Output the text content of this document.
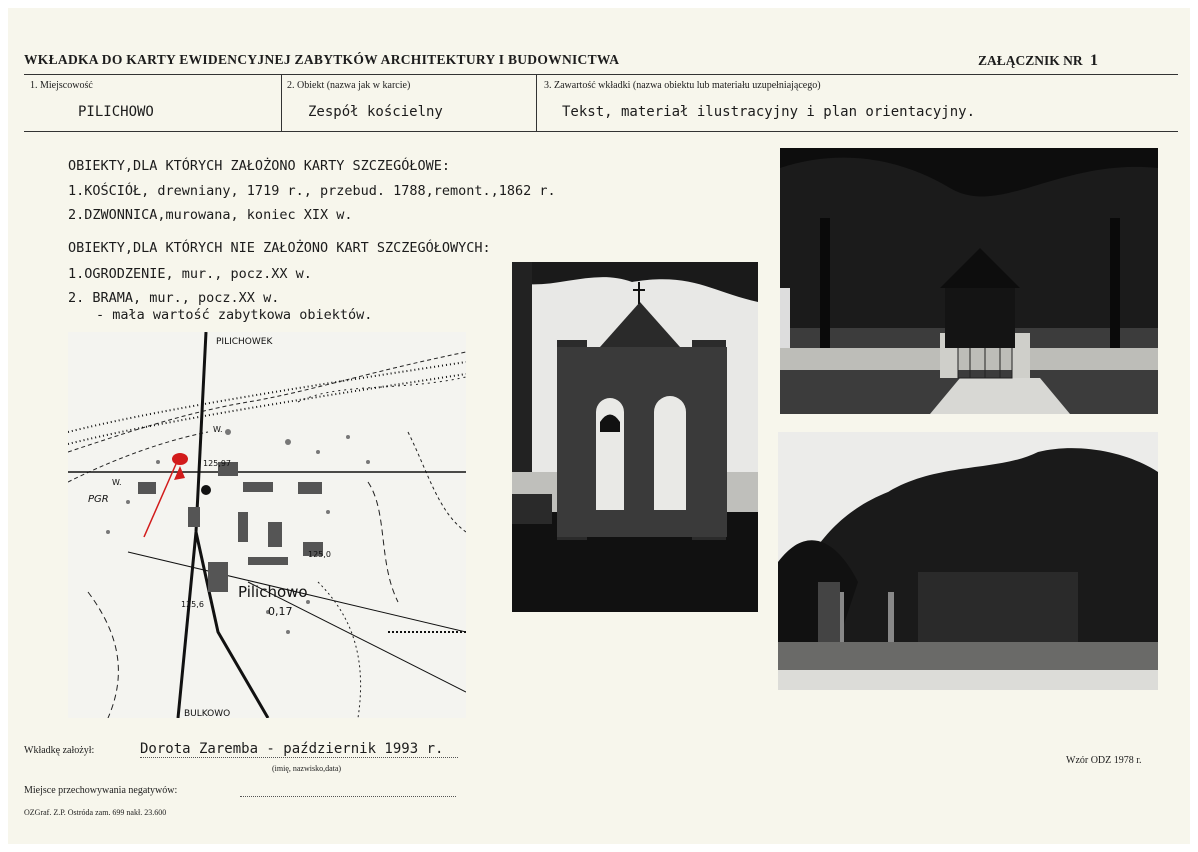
WKŁADKA DO KARTY EWIDENCYJNEJ ZABYTKÓW ARCHITEKTURY I BUDOWNICTWA	ZAŁĄCZNIK NR 1
1. Miejscowość
PILICHOWO
2. Obiekt (nazwa jak w karcie)
Zespół kościelny
3. Zawartość wkładki (nazwa obiektu lub materiału uzupełniającego)
Tekst, materiał ilustracyjny i plan orientacyjny.
OBIEKTY,DLA KTÓRYCH ZAŁOŻONO KARTY SZCZEGÓŁOWE:
1.KOŚCIÓŁ, drewniany, 1719 r., przebud. 1788,remont.,1862 r.
2.DZWONNICA,murowana, koniec XIX w.
OBIEKTY,DLA KTÓRYCH NIE ZAŁOŻONO KART SZCZEGÓŁOWYCH:
1.OGRODZENIE, mur., pocz.XX w.
2. BRAMA, mur., pocz.XX w.
- mała wartość zabytkowa obiektów.
PILICHOWEK
BULKOWO
Pilichowo
0,17
PGR
W.
W.
125,97
125,0
125,6
Wkładkę założył:	Dorota Zaremba - październik 1993 r.
(imię, nazwisko,data)
Miejsce przechowywania negatywów:
OZGraf. Z.P. Ostróda zam. 699 nakł. 23.600
Wzór ODZ 1978 r.
